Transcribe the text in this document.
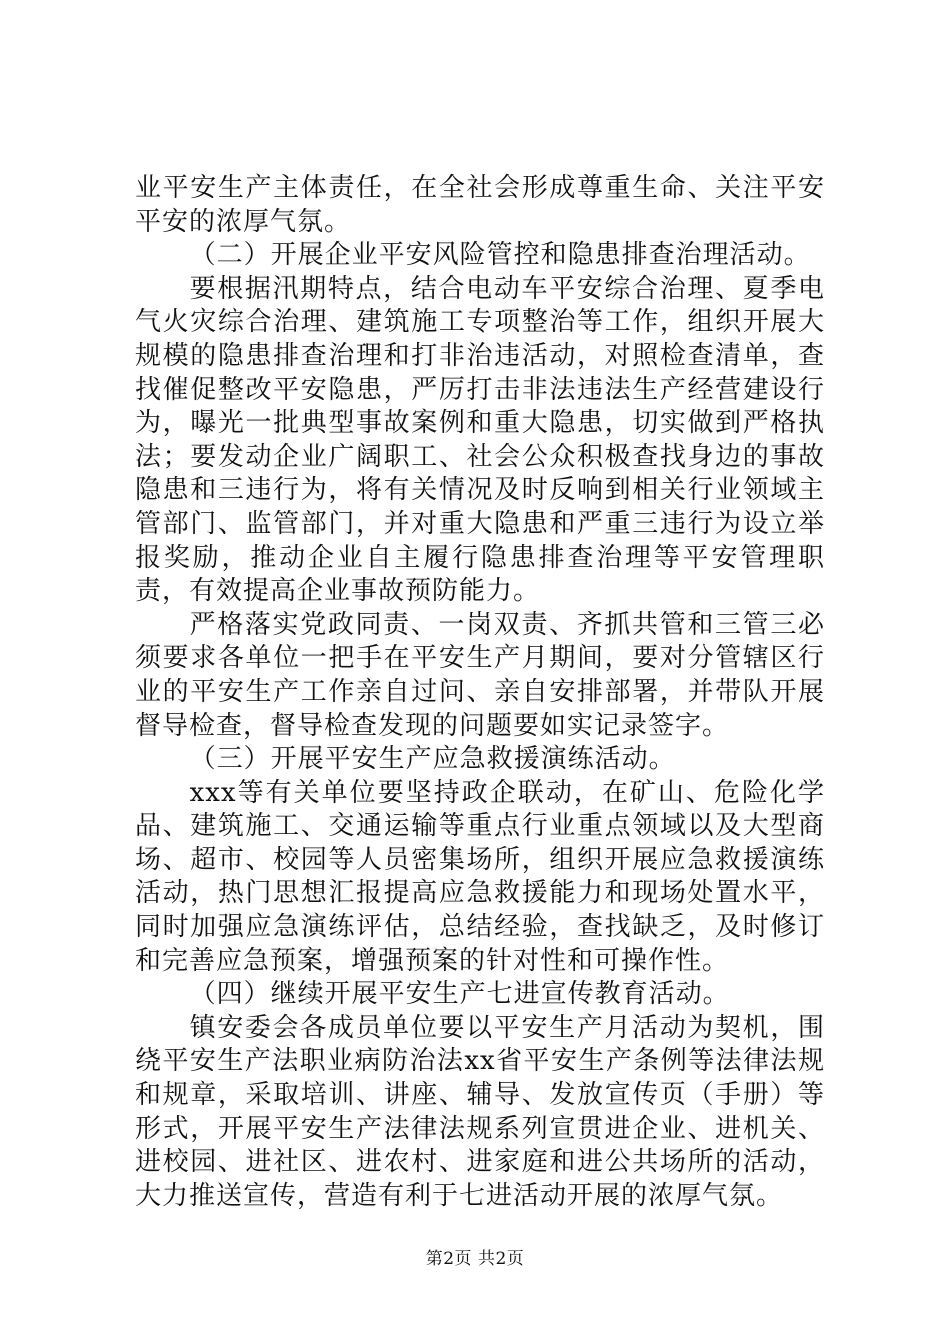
业平安生产主体责任，在全社会形成尊重生命、关注平安平安的浓厚气氛。

（二）开展企业平安风险管控和隐患排查治理活动。

要根据汛期特点，结合电动车平安综合治理、夏季电气火灾综合治理、建筑施工专项整治等工作，组织开展大规模的隐患排查治理和打非治违活动，对照检查清单，查找催促整改平安隐患，严厉打击非法违法生产经营建设行为，曝光一批典型事故案例和重大隐患，切实做到严格执法；要发动企业广阔职工、社会公众积极查找身边的事故隐患和三违行为，将有关情况及时反响到相关行业领域主管部门、监管部门，并对重大隐患和严重三违行为设立举报奖励，推动企业自主履行隐患排查治理等平安管理职责，有效提高企业事故预防能力。

严格落实党政同责、一岗双责、齐抓共管和三管三必须要求各单位一把手在平安生产月期间，要对分管辖区行业的平安生产工作亲自过问、亲自安排部署，并带队开展督导检查，督导检查发现的问题要如实记录签字。

（三）开展平安生产应急救援演练活动。

xxx等有关单位要坚持政企联动，在矿山、危险化学品、建筑施工、交通运输等重点行业重点领域以及大型商场、超市、校园等人员密集场所，组织开展应急救援演练活动，热门思想汇报提高应急救援能力和现场处置水平，同时加强应急演练评估，总结经验，查找缺乏，及时修订和完善应急预案，增强预案的针对性和可操作性。

（四）继续开展平安生产七进宣传教育活动。

镇安委会各成员单位要以平安生产月活动为契机，围绕平安生产法职业病防治法xx省平安生产条例等法律法规和规章，采取培训、讲座、辅导、发放宣传页（手册）等形式，开展平安生产法律法规系列宣贯进企业、进机关、进校园、进社区、进农村、进家庭和进公共场所的活动，大力推送宣传，营造有利于七进活动开展的浓厚气氛。

第2页 共2页
